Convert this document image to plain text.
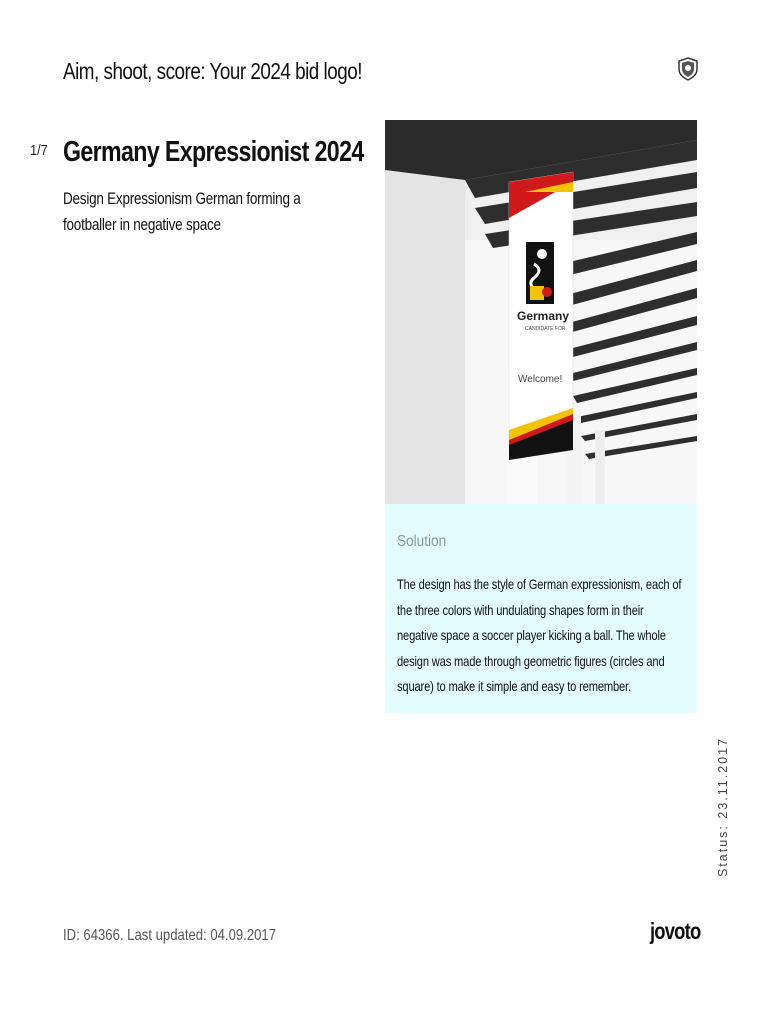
Aim, shoot, score: Your 2024 bid logo!
1/7 Germany Expressionist 2024
Design Expressionism German forming a footballer in negative space
Germany
CANDIDATE FOR
Welcome!
Solution
The design has the style of German expressionism, each of the three colors with undulating shapes form in their negative space a soccer player kicking a ball. The whole design was made through geometric figures (circles and square) to make it simple and easy to remember.
Status: 23.11.2017
ID: 64366. Last updated: 04.09.2017	jovoto
